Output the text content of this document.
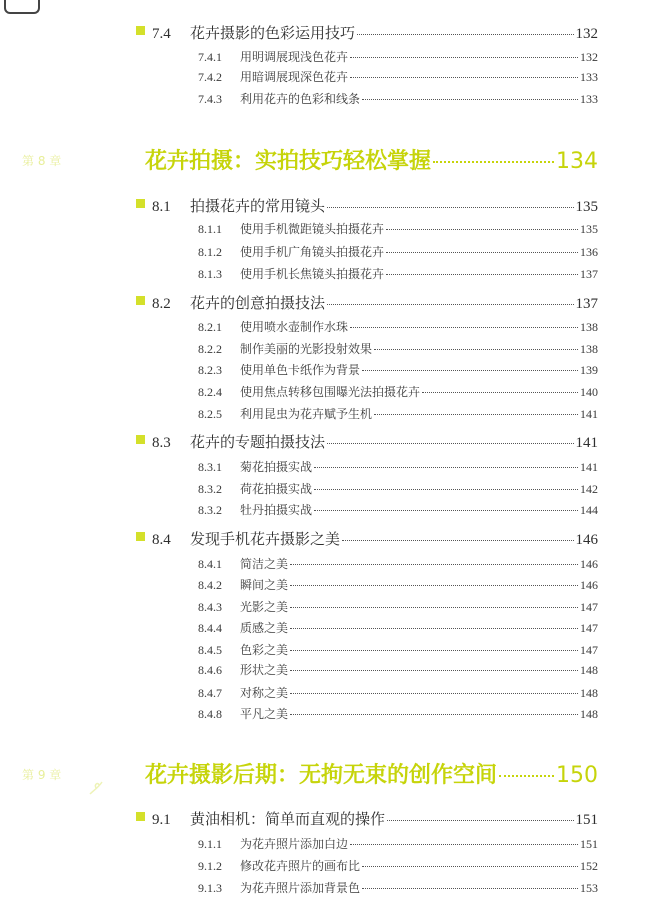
7.4	花卉摄影的色彩运用技巧	132
7.4.1	用明调展现浅色花卉	132
7.4.2	用暗调展现深色花卉	133
7.4.3	利用花卉的色彩和线条	133
第 8 章	花卉拍摄：实拍技巧轻松掌握	134
8.1	拍摄花卉的常用镜头	135
8.1.1	使用手机微距镜头拍摄花卉	135
8.1.2	使用手机广角镜头拍摄花卉	136
8.1.3	使用手机长焦镜头拍摄花卉	137
8.2	花卉的创意拍摄技法	137
8.2.1	使用喷水壶制作水珠	138
8.2.2	制作美丽的光影投射效果	138
8.2.3	使用单色卡纸作为背景	139
8.2.4	使用焦点转移包围曝光法拍摄花卉	140
8.2.5	利用昆虫为花卉赋予生机	141
8.3	花卉的专题拍摄技法	141
8.3.1	菊花拍摄实战	141
8.3.2	荷花拍摄实战	142
8.3.2	牡丹拍摄实战	144
8.4	发现手机花卉摄影之美	146
8.4.1	简洁之美	146
8.4.2	瞬间之美	146
8.4.3	光影之美	147
8.4.4	质感之美	147
8.4.5	色彩之美	147
8.4.6	形状之美	148
8.4.7	对称之美	148
8.4.8	平凡之美	148
第 9 章	花卉摄影后期：无拘无束的创作空间	150
9.1	黄油相机：简单而直观的操作	151
9.1.1	为花卉照片添加白边	151
9.1.2	修改花卉照片的画布比	152
9.1.3	为花卉照片添加背景色	153
